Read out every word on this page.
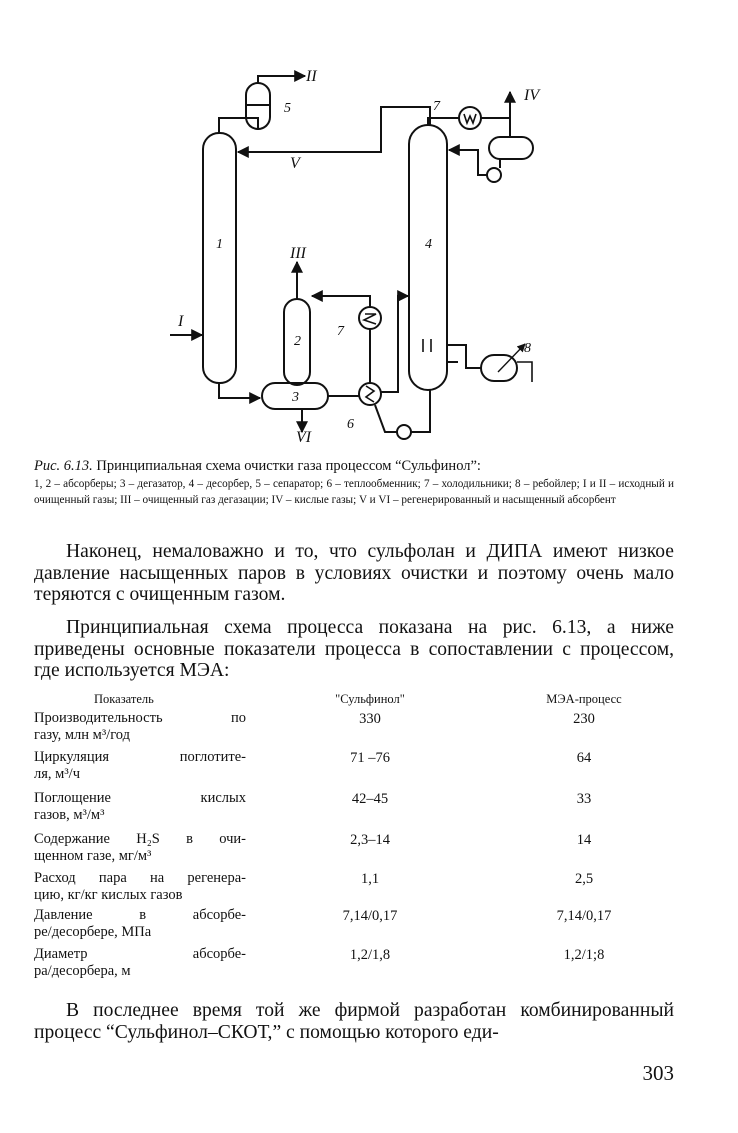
I
II
III
IV
V
VI
1
2
3
4
5
6
7
7
8
Рис. 6.13. Принципиальная схема очистки газа процессом “Сульфинол”:
1, 2 – абсорберы; 3 – дегазатор, 4 – десорбер, 5 – сепаратор; 6 – теплообменник; 7 – холодильники; 8 – ребойлер; I и II – исходный и очищенный газы; III – очищенный газ дегазации; IV – кислые газы; V и VI – регенерированный и насыщенный абсорбент
Наконец, немаловажно и то, что сульфолан и ДИПА имеют низкое давление насыщенных паров в условиях очистки и поэтому очень мало теряются с очищенным газом.
Принципиальная схема процесса показана на рис. 6.13, а ниже приведены основные показатели процесса в сопоставлении с процессом, где используется МЭА:
Показатель	"Сульфинол"	МЭА-процесс
Производительность по
газу, млн м³/год
330	230
Циркуляция поглотите-
ля, м³/ч
71 –76	64
Поглощение кислых
газов, м³/м³
42–45	33
Содержание H₂S в очи-
щенном газе, мг/м³
2,3–14	14
Расход пара на регенера-
цию, кг/кг кислых газов
1,1	2,5
Давление в абсорбе-
ре/десорбере, МПа
7,14/0,17	7,14/0,17
Диаметр абсорбе-
ра/десорбера, м
1,2/1,8	1,2/1;8
В последнее время той же фирмой разработан комбинированный процесс “Сульфинол–СКОТ,” с помощью которого еди-
303
